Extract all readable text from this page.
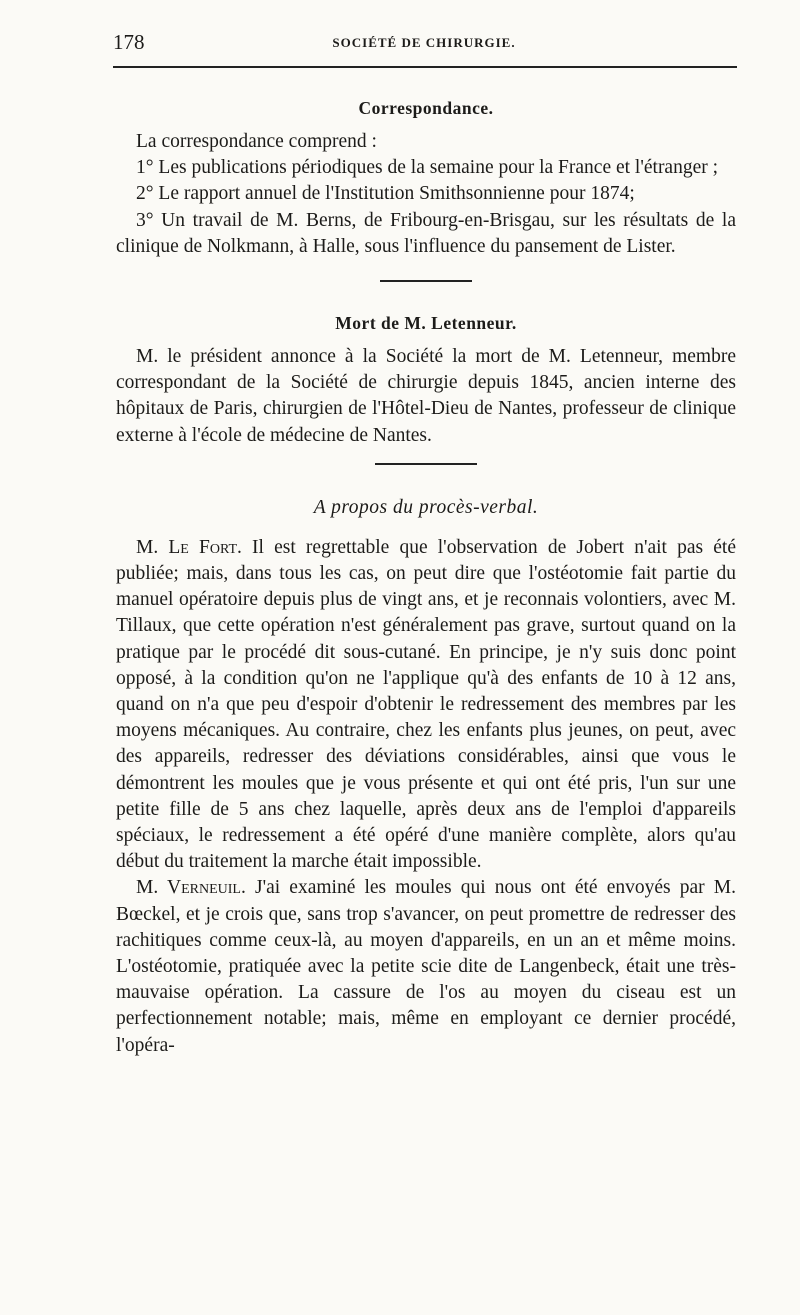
178	SOCIÉTÉ DE CHIRURGIE.
Correspondance.

La correspondance comprend :

1° Les publications périodiques de la semaine pour la France et l'étranger ;

2° Le rapport annuel de l'Institution Smithsonnienne pour 1874;

3° Un travail de M. Berns, de Fribourg-en-Brisgau, sur les résultats de la clinique de Nolkmann, à Halle, sous l'influence du pansement de Lister.

Mort de M. Letenneur.

M. le président annonce à la Société la mort de M. Letenneur, membre correspondant de la Société de chirurgie depuis 1845, ancien interne des hôpitaux de Paris, chirurgien de l'Hôtel-Dieu de Nantes, professeur de clinique externe à l'école de médecine de Nantes.

A propos du procès-verbal.

M. Le Fort. Il est regrettable que l'observation de Jobert n'ait pas été publiée; mais, dans tous les cas, on peut dire que l'ostéotomie fait partie du manuel opératoire depuis plus de vingt ans, et je reconnais volontiers, avec M. Tillaux, que cette opération n'est généralement pas grave, surtout quand on la pratique par le procédé dit sous-cutané. En principe, je n'y suis donc point opposé, à la condition qu'on ne l'applique qu'à des enfants de 10 à 12 ans, quand on n'a que peu d'espoir d'obtenir le redressement des membres par les moyens mécaniques. Au contraire, chez les enfants plus jeunes, on peut, avec des appareils, redresser des déviations considérables, ainsi que vous le démontrent les moules que je vous présente et qui ont été pris, l'un sur une petite fille de 5 ans chez laquelle, après deux ans de l'emploi d'appareils spéciaux, le redressement a été opéré d'une manière complète, alors qu'au début du traitement la marche était impossible.

M. Verneuil. J'ai examiné les moules qui nous ont été envoyés par M. Bœckel, et je crois que, sans trop s'avancer, on peut promettre de redresser des rachitiques comme ceux-là, au moyen d'appareils, en un an et même moins. L'ostéotomie, pratiquée avec la petite scie dite de Langenbeck, était une très-mauvaise opération. La cassure de l'os au moyen du ciseau est un perfectionnement notable; mais, même en employant ce dernier procédé, l'opéra-
